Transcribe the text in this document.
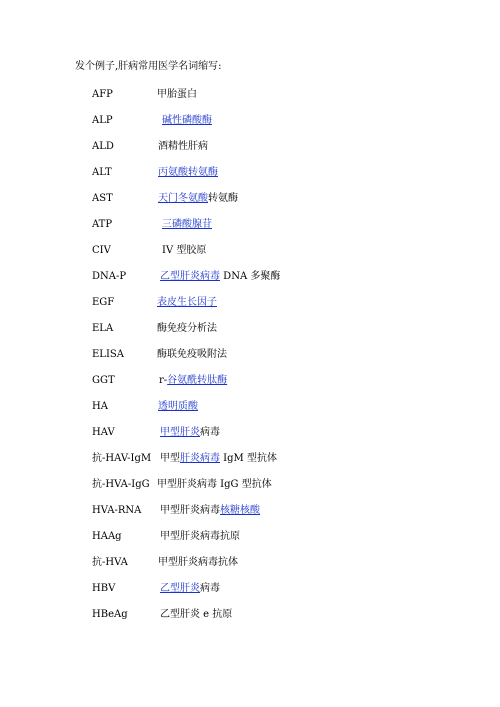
发个例子,肝病常用医学名词缩写:
AFP	甲胎蛋白
ALP	碱性磷酸酶
ALD	酒精性肝病
ALT	丙氨酸转氨酶
AST	天门冬氨酸转氨酶
ATP	三磷酸腺苷
CIV	IV 型胶原
DNA-P	乙型肝炎病毒 DNA 多聚酶
EGF	表皮生长因子
ELA	酶免疫分析法
ELISA	酶联免疫吸附法
GGT	r-谷氨酰转肽酶
HA	透明质酸
HAV	甲型肝炎病毒
抗-HAV-IgM 甲型肝炎病毒 IgM 型抗体
抗-HVA-IgG 甲型肝炎病毒 IgG 型抗体
HVA-RNA 甲型肝炎病毒核糖核酸
HAAg	甲型肝炎病毒抗原
抗-HVA	甲型肝炎病毒抗体
HBV	乙型肝炎病毒
HBeAg	乙型肝炎 e 抗原
